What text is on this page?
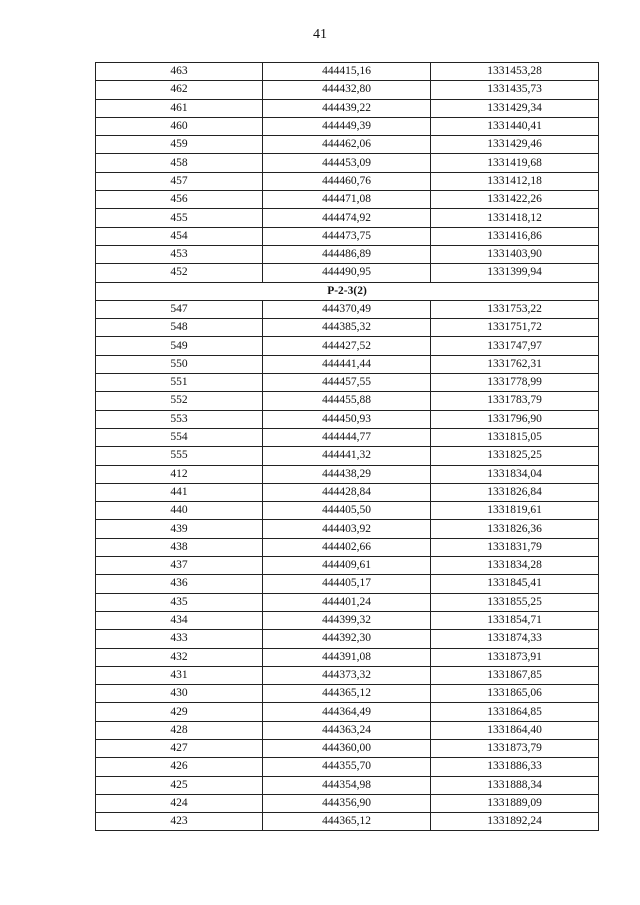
41
463	444415,16	1331453,28
462	444432,80	1331435,73
461	444439,22	1331429,34
460	444449,39	1331440,41
459	444462,06	1331429,46
458	444453,09	1331419,68
457	444460,76	1331412,18
456	444471,08	1331422,26
455	444474,92	1331418,12
454	444473,75	1331416,86
453	444486,89	1331403,90
452	444490,95	1331399,94
Р-2-3(2)		
547	444370,49	1331753,22
548	444385,32	1331751,72
549	444427,52	1331747,97
550	444441,44	1331762,31
551	444457,55	1331778,99
552	444455,88	1331783,79
553	444450,93	1331796,90
554	444444,77	1331815,05
555	444441,32	1331825,25
412	444438,29	1331834,04
441	444428,84	1331826,84
440	444405,50	1331819,61
439	444403,92	1331826,36
438	444402,66	1331831,79
437	444409,61	1331834,28
436	444405,17	1331845,41
435	444401,24	1331855,25
434	444399,32	1331854,71
433	444392,30	1331874,33
432	444391,08	1331873,91
431	444373,32	1331867,85
430	444365,12	1331865,06
429	444364,49	1331864,85
428	444363,24	1331864,40
427	444360,00	1331873,79
426	444355,70	1331886,33
425	444354,98	1331888,34
424	444356,90	1331889,09
423	444365,12	1331892,24
